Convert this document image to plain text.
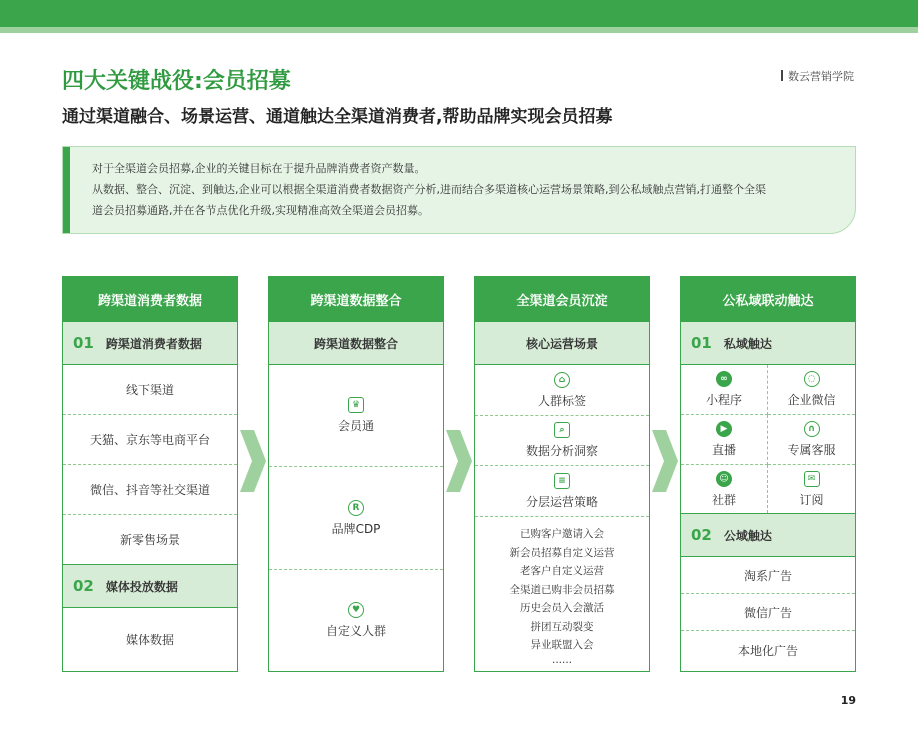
数云营销学院
四大关键战役:会员招募
通过渠道融合、场景运营、通道触达全渠道消费者,帮助品牌实现会员招募
对于全渠道会员招募,企业的关键目标在于提升品牌消费者资产数量。
从数据、整合、沉淀、到触达,企业可以根据全渠道消费者数据资产分析,进而结合多渠道核心运营场景策略,到公私域触点营销,打通整个全渠
道会员招募通路,并在各节点优化升级,实现精准高效全渠道会员招募。
跨渠道消费者数据
01 跨渠道消费者数据
线下渠道
天猫、京东等电商平台
微信、抖音等社交渠道
新零售场景
02 媒体投放数据
媒体数据
跨渠道数据整合
跨渠道数据整合
♛
会员通
R
品牌CDP
♥
自定义人群
全渠道会员沉淀
核心运营场景
⌂
人群标签
⌕
数据分析洞察
≡
分层运营策略
已购客户邀请入会
新会员招募自定义运营
老客户自定义运营
全渠道已购非会员招募
历史会员入会激活
拼团互动裂变
异业联盟入会
......
公私域联动触达
01 私域触达
∞
小程序
◌
企业微信
▶
直播
∩
专属客服
☺
社群
✉
订阅
02 公域触达
淘系广告
微信广告
本地化广告
19
